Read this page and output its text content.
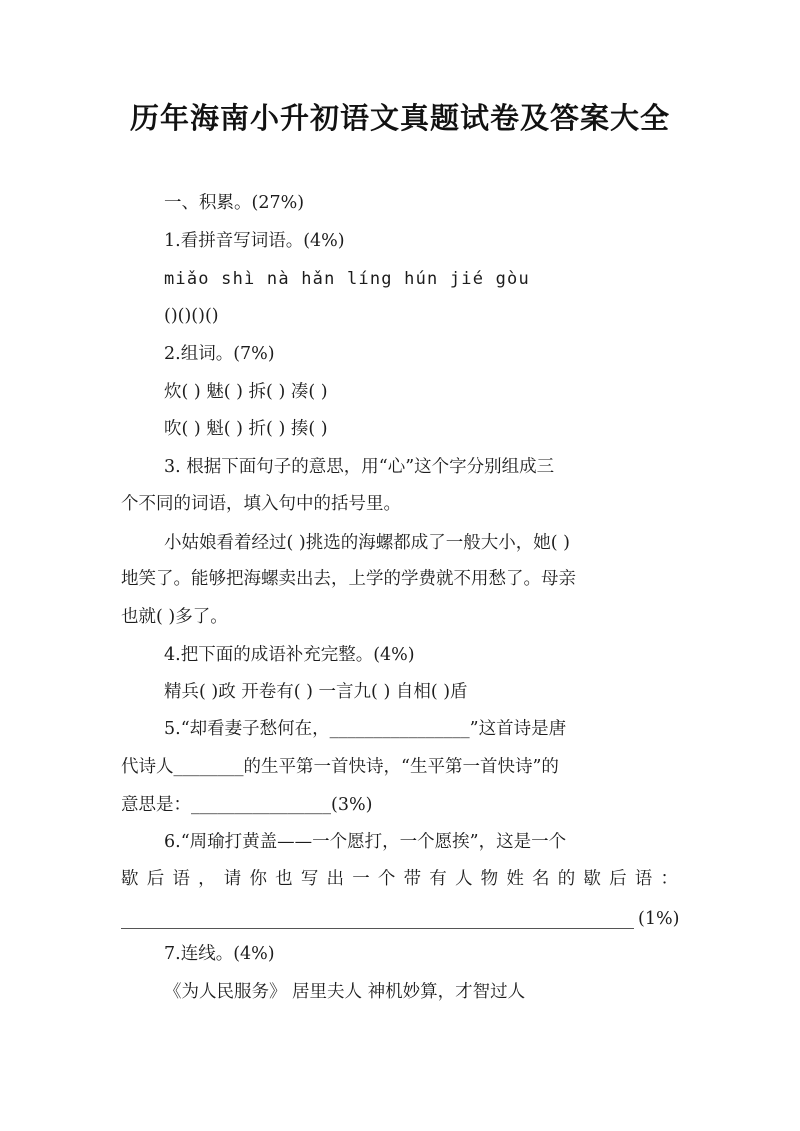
历年海南小升初语文真题试卷及答案大全
一、积累。(27%)
1.看拼音写词语。(4%)
miǎo shì nà hǎn líng hún jié gòu
()()()()
2.组词。(7%)
炊( ) 魅( ) 拆( ) 凑( )
吹( ) 魁( ) 折( ) 揍( )
3. 根据下面句子的意思，用“心”这个字分别组成三
个不同的词语，填入句中的括号里。
小姑娘看着经过( )挑选的海螺都成了一般大小，她( )
地笑了。能够把海螺卖出去，上学的学费就不用愁了。母亲
也就( )多了。
4.把下面的成语补充完整。(4%)
精兵( )政 开卷有( ) 一言九( ) 自相( )盾
5.“却看妻子愁何在，________________”这首诗是唐
代诗人________的生平第一首快诗，“生平第一首快诗”的
意思是：________________(3%)
6.“周瑜打黄盖——一个愿打，一个愿挨”，这是一个
歇后语，请你也写出一个带有人物姓名的歇后语：
(1%)
7.连线。(4%)
《为人民服务》 居里夫人 神机妙算，才智过人
